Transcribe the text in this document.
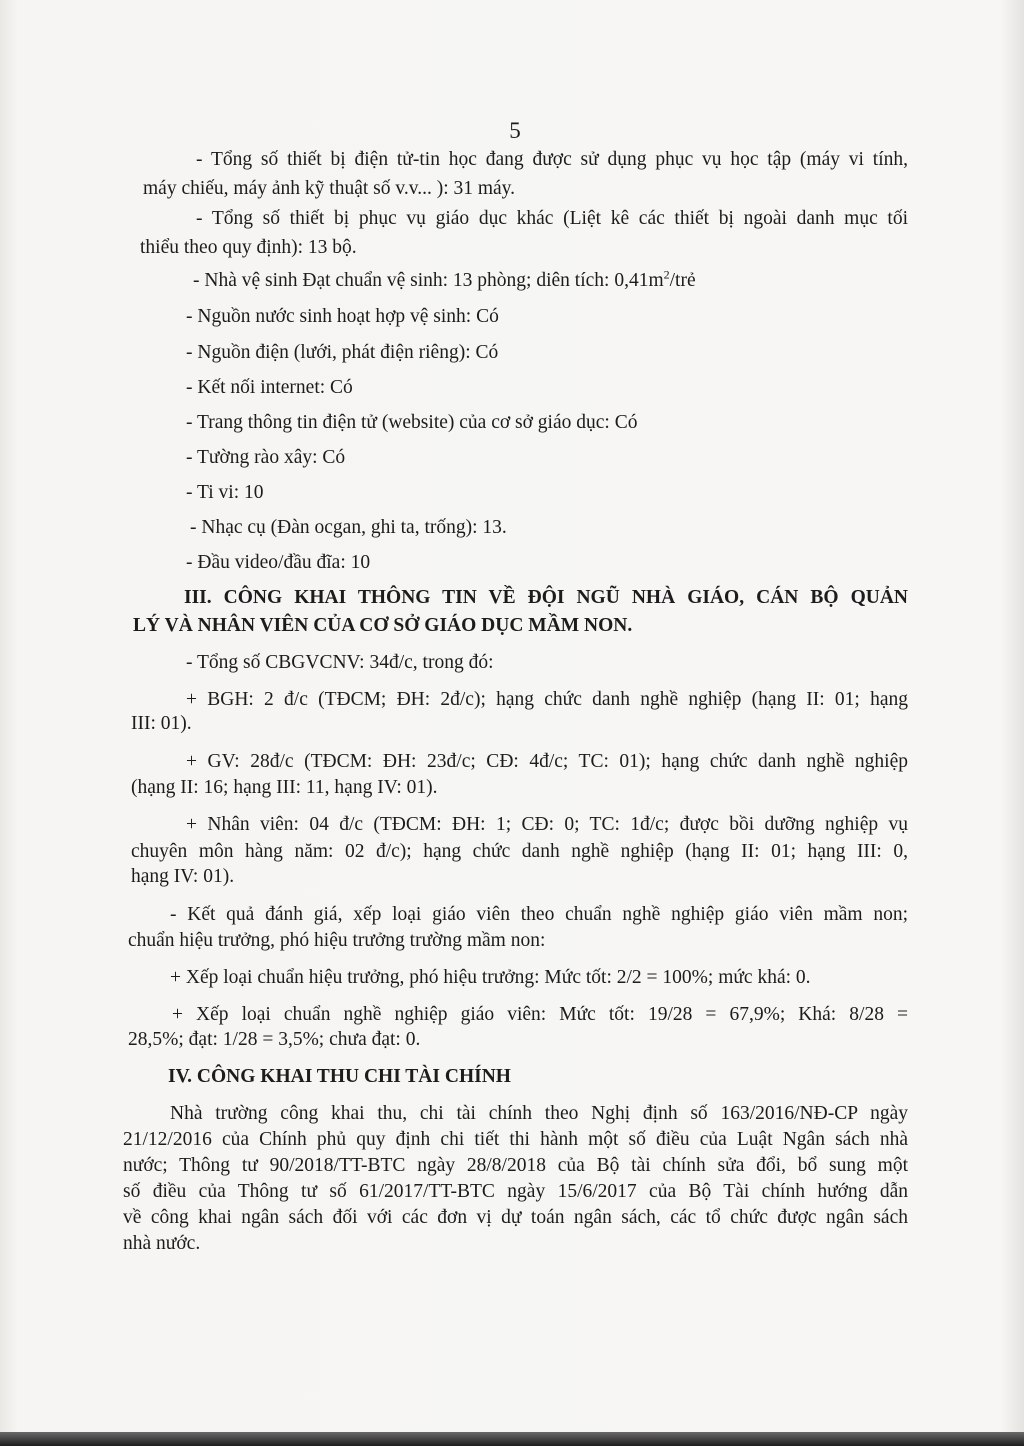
5
- Tổng số thiết bị điện tử-tin học đang được sử dụng phục vụ học tập (máy vi tính,
máy chiếu, máy ảnh kỹ thuật số v.v... ): 31 máy.
- Tổng số thiết bị phục vụ giáo dục khác (Liệt kê các thiết bị ngoài danh mục tối
thiểu theo quy định): 13 bộ.
- Nhà vệ sinh Đạt chuẩn vệ sinh: 13 phòng; diên tích: $0,41m^2$/trẻ
- Nguồn nước sinh hoạt hợp vệ sinh: Có
- Nguồn điện (lưới, phát điện riêng): Có
- Kết nối internet: Có
- Trang thông tin điện tử (website) của cơ sở giáo dục: Có
- Tường rào xây: Có
- Ti vi: 10
- Nhạc cụ (Đàn ocgan, ghi ta, trống): 13.
- Đầu video/đầu đĩa: 10
III. CÔNG KHAI THÔNG TIN VỀ ĐỘI NGŨ NHÀ GIÁO, CÁN BỘ QUẢN
LÝ VÀ NHÂN VIÊN CỦA CƠ SỞ GIÁO DỤC MẦM NON.
- Tổng số CBGVCNV: 34đ/c, trong đó:
+ BGH: 2 đ/c (TĐCM; ĐH: 2đ/c); hạng chức danh nghề nghiệp (hạng II: 01; hạng
III: 01).
+ GV: 28đ/c (TĐCM: ĐH: 23đ/c; CĐ: 4đ/c; TC: 01); hạng chức danh nghề nghiệp
(hạng II: 16; hạng III: 11, hạng IV: 01).
+ Nhân viên: 04 đ/c (TĐCM: ĐH: 1; CĐ: 0; TC: 1đ/c; được bồi dưỡng nghiệp vụ
chuyên môn hàng năm: 02 đ/c); hạng chức danh nghề nghiệp (hạng II: 01; hạng III: 0,
hạng IV: 01).
- Kết quả đánh giá, xếp loại giáo viên theo chuẩn nghề nghiệp giáo viên mầm non;
chuẩn hiệu trưởng, phó hiệu trưởng trường mầm non:
+ Xếp loại chuẩn hiệu trưởng, phó hiệu trưởng: Mức tốt: 2/2 = 100%; mức khá: 0.
+ Xếp loại chuẩn nghề nghiệp giáo viên: Mức tốt: 19/28 = 67,9%; Khá: 8/28 =
28,5%; đạt: 1/28 = 3,5%; chưa đạt: 0.
IV. CÔNG KHAI THU CHI TÀI CHÍNH
Nhà trường công khai thu, chi tài chính theo Nghị định số 163/2016/NĐ-CP ngày
21/12/2016 của Chính phủ quy định chi tiết thi hành một số điều của Luật Ngân sách nhà
nước; Thông tư 90/2018/TT-BTC ngày 28/8/2018 của Bộ tài chính sửa đổi, bổ sung một
số điều của Thông tư số 61/2017/TT-BTC ngày 15/6/2017 của Bộ Tài chính hướng dẫn
về công khai ngân sách đối với các đơn vị dự toán ngân sách, các tổ chức được ngân sách
nhà nước.
